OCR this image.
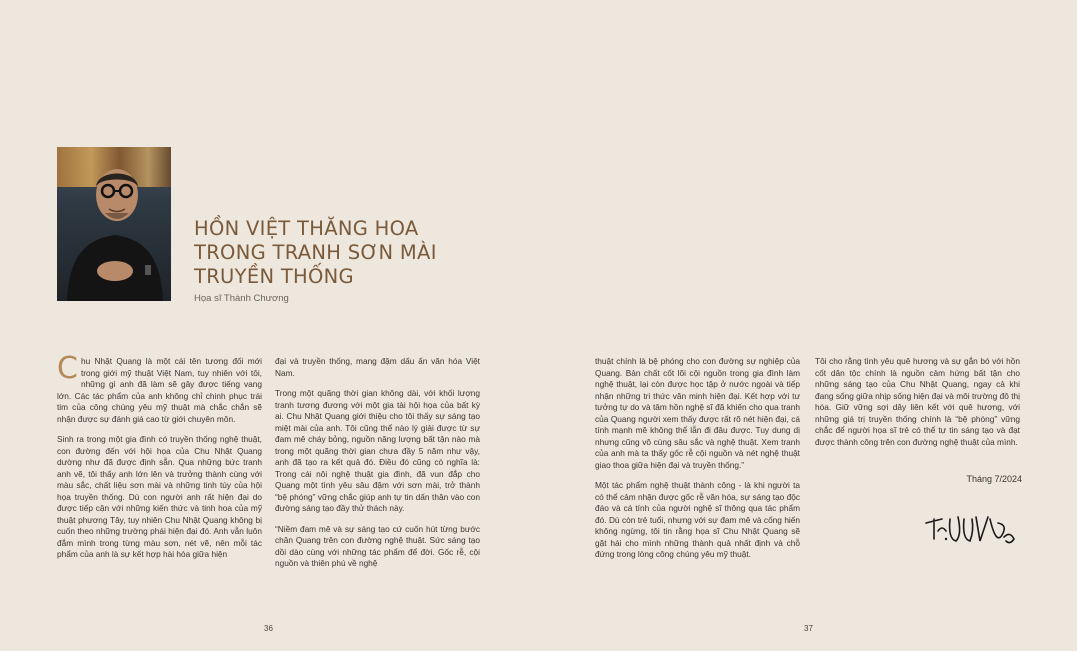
HỒN VIỆT THĂNG HOA
TRONG TRANH SƠN MÀI
TRUYỀN THỐNG
Họa sĩ Thành Chương

Chu Nhật Quang là một cái tên tương đối mới trong giới mỹ thuật Việt Nam, tuy nhiên với tôi, những gì anh đã làm sẽ gây được tiếng vang lớn. Các tác phẩm của anh không chỉ chinh phục trái tim của công chúng yêu mỹ thuật mà chắc chắn sẽ nhận được sự đánh giá cao từ giới chuyên môn.

Sinh ra trong một gia đình có truyền thống nghệ thuật, con đường đến với hội họa của Chu Nhật Quang dường như đã được định sẵn. Qua những bức tranh anh vẽ, tôi thấy anh lớn lên và trưởng thành cùng với màu sắc, chất liệu sơn mài và những tinh túy của hội họa truyền thống. Dù con người anh rất hiện đại do được tiếp cận với những kiến thức và tinh hoa của mỹ thuật phương Tây, tuy nhiên Chu Nhật Quang không bị cuốn theo những trường phái hiện đại đó. Anh vẫn luôn đắm mình trong từng màu sơn, nét vẽ, nên mỗi tác phẩm của anh là sự kết hợp hài hòa giữa hiện

đại và truyền thống, mang đậm dấu ấn văn hóa Việt Nam.

Trong một quãng thời gian không dài, với khối lượng tranh tương đương với một gia tài hội họa của bất kỳ ai. Chu Nhật Quang giới thiệu cho tôi thấy sự sáng tạo miệt mài của anh. Tôi cũng thể nào lý giải được từ sự đam mê cháy bỏng, nguồn năng lượng bất tận nào mà trong một quãng thời gian chưa đầy 5 năm như vậy, anh đã tạo ra kết quả đó. Điều đó cũng có nghĩa là: Trong cái nôi nghệ thuật gia đình, đã vun đắp cho Quang một tình yêu sâu đậm với sơn mài, trở thành “bệ phóng” vững chắc giúp anh tự tin dấn thân vào con đường sáng tạo đầy thử thách này.

“Niềm đam mê và sự sáng tạo cứ cuốn hút từng bước chân Quang trên con đường nghệ thuật. Sức sáng tạo dồi dào cùng với những tác phẩm để đời. Gốc rễ, cội nguồn và thiên phú về nghệ

thuật chính là bệ phóng cho con đường sự nghiệp của Quang. Bản chất cốt lõi cội nguồn trong gia đình làm nghệ thuật, lại còn được học tập ở nước ngoài và tiếp nhận những tri thức văn minh hiện đại. Kết hợp với tư tưởng tự do và tâm hồn nghệ sĩ đã khiến cho qua tranh của Quang người xem thấy được rất rõ nét hiện đại, cá tính mạnh mẽ không thể lẫn đi đâu được. Tuy dung dị nhưng cũng vô cùng sâu sắc và nghệ thuật. Xem tranh của anh mà ta thấy gốc rễ cội nguồn và nét nghệ thuật giao thoa giữa hiện đại và truyền thống.”

Một tác phẩm nghệ thuật thành công - là khi người ta có thể cảm nhận được gốc rễ văn hóa, sự sáng tạo độc đáo và cá tính của người nghệ sĩ thông qua tác phẩm đó. Dù còn trẻ tuổi, nhưng với sự đam mê và cống hiến không ngừng, tôi tin rằng họa sĩ Chu Nhật Quang sẽ gặt hái cho mình những thành quả nhất định và chỗ đứng trong lòng công chúng yêu mỹ thuật.

Tôi cho rằng tình yêu quê hương và sự gắn bó với hồn cốt dân tộc chính là nguồn cảm hứng bất tận cho những sáng tạo của Chu Nhật Quang, ngay cả khi đang sống giữa nhịp sống hiện đại và môi trường đô thị hóa. Giữ vững sợi dây liên kết với quê hương, với những giá trị truyền thống chính là “bệ phóng” vững chắc để người họa sĩ trẻ có thể tự tin sáng tạo và đạt được thành công trên con đường nghệ thuật của mình.

Tháng 7/2024
36	37
